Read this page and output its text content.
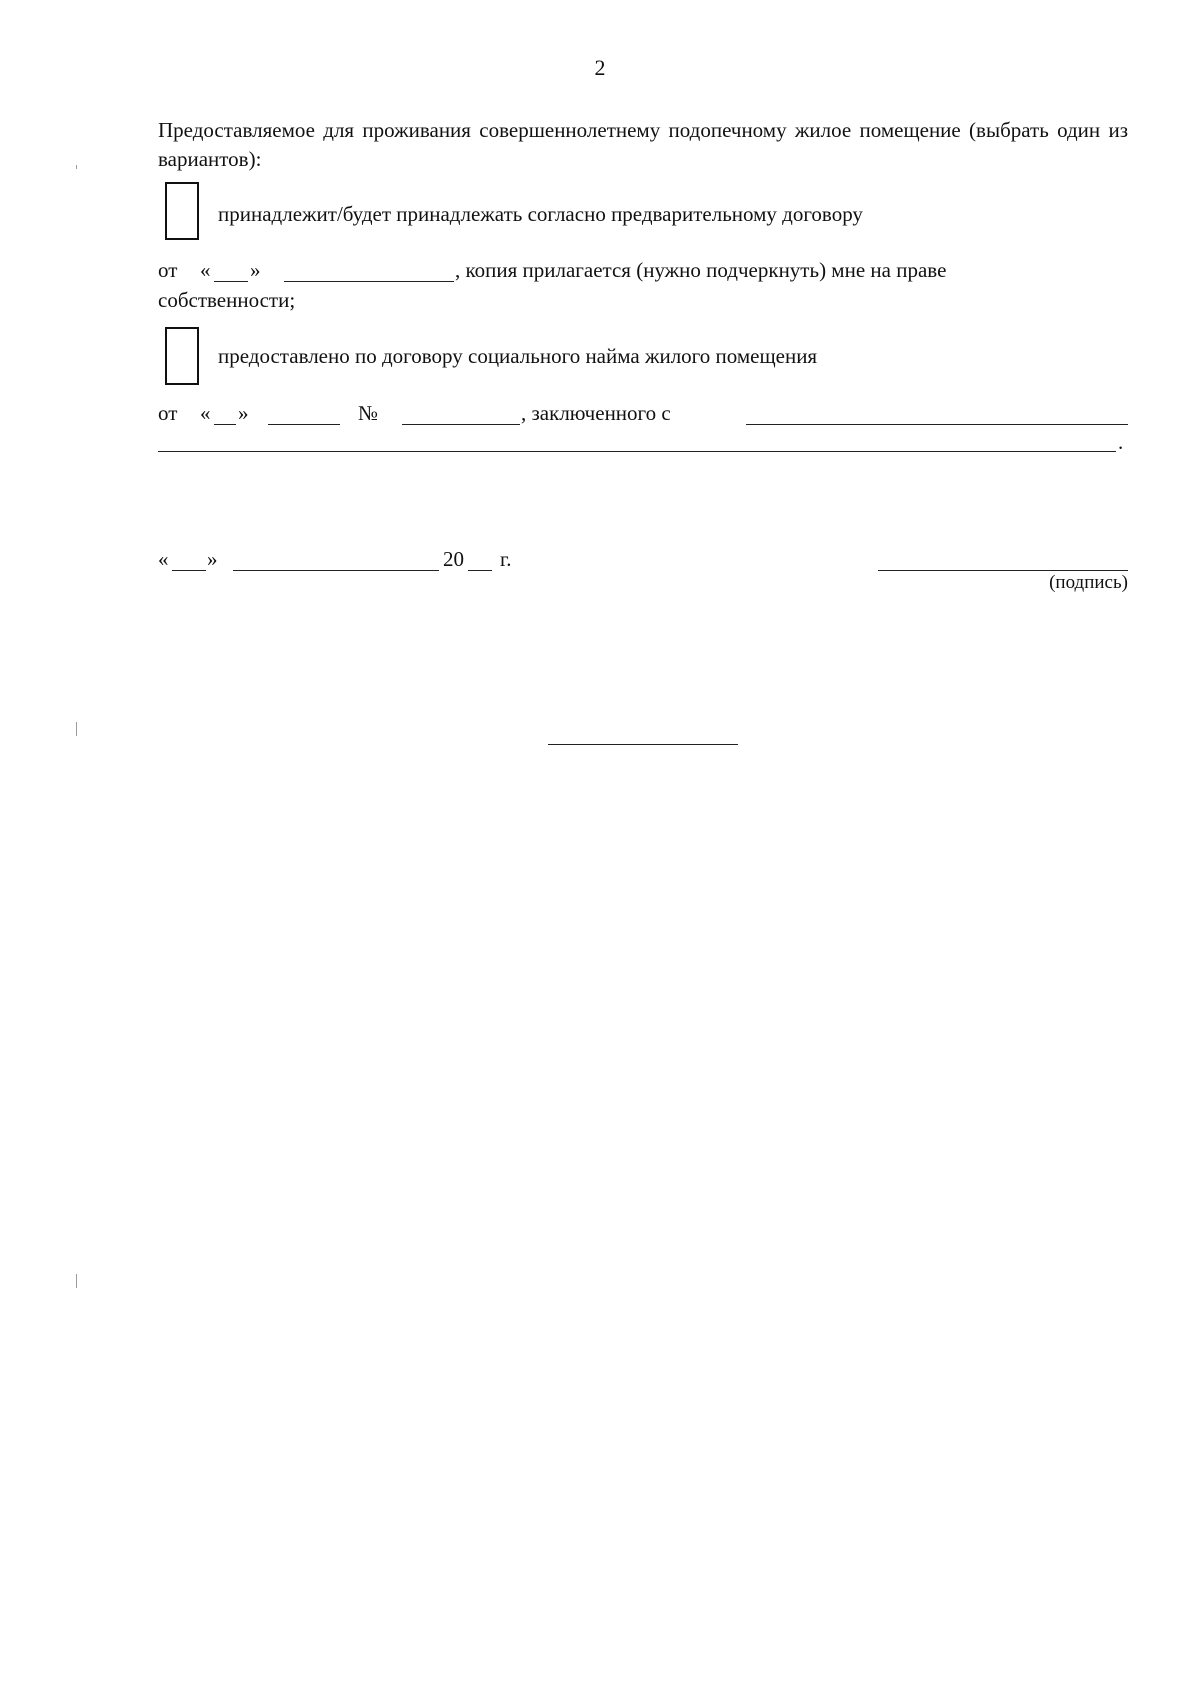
2
Предоставляемое для проживания совершеннолетнему подопечному жилое помещение (выбрать один из вариантов):
принадлежит/будет принадлежать согласно предварительному договору
от « »	, копия прилагается (нужно подчеркнуть) мне на праве
собственности;
предоставлено по договору социального найма жилого помещения
от « »	№	, заключенного с
.
« »	20 г.
(подпись)
